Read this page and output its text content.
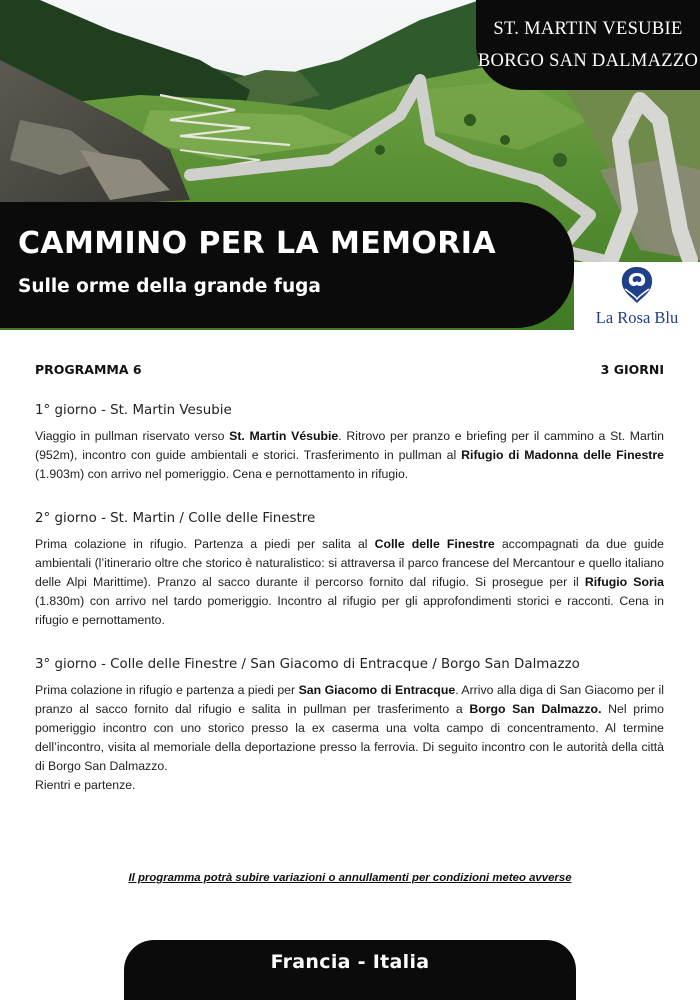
ST. MARTIN VESUBIE
BORGO SAN DALMAZZO
CAMMINO PER LA MEMORIA
Sulle orme della grande fuga
La Rosa Blu
PROGRAMMA 6	3 GIORNI
1° giorno - St. Martin Vesubie

Viaggio in pullman riservato verso St. Martin Vésubie. Ritrovo per pranzo e briefing per il cammino a St. Martin (952m), incontro con guide ambientali e storici. Trasferimento in pullman al Rifugio di Madonna delle Finestre (1.903m) con arrivo nel pomeriggio. Cena e pernottamento in rifugio.

2° giorno - St. Martin / Colle delle Finestre

Prima colazione in rifugio. Partenza a piedi per salita al Colle delle Finestre accompagnati da due guide ambientali (l’itinerario oltre che storico è naturalistico: si attraversa il parco francese del Mercantour e quello italiano delle Alpi Marittime). Pranzo al sacco durante il percorso fornito dal rifugio. Si prosegue per il Rifugio Soria (1.830m) con arrivo nel tardo pomeriggio. Incontro al rifugio per gli approfondimenti storici e racconti. Cena in rifugio e pernottamento.

3° giorno - Colle delle Finestre / San Giacomo di Entracque / Borgo San Dalmazzo

Prima colazione in rifugio e partenza a piedi per San Giacomo di Entracque. Arrivo alla diga di San Giacomo per il pranzo al sacco fornito dal rifugio e salita in pullman per trasferimento a Borgo San Dalmazzo. Nel primo pomeriggio incontro con uno storico presso la ex caserma una volta campo di concentramento. Al termine dell’incontro, visita al memoriale della deportazione presso la ferrovia. Di seguito incontro con le autorità della città di Borgo San Dalmazzo.
Rientri e partenze.

Il programma potrà subire variazioni o annullamenti per condizioni meteo avverse
Francia - Italia
